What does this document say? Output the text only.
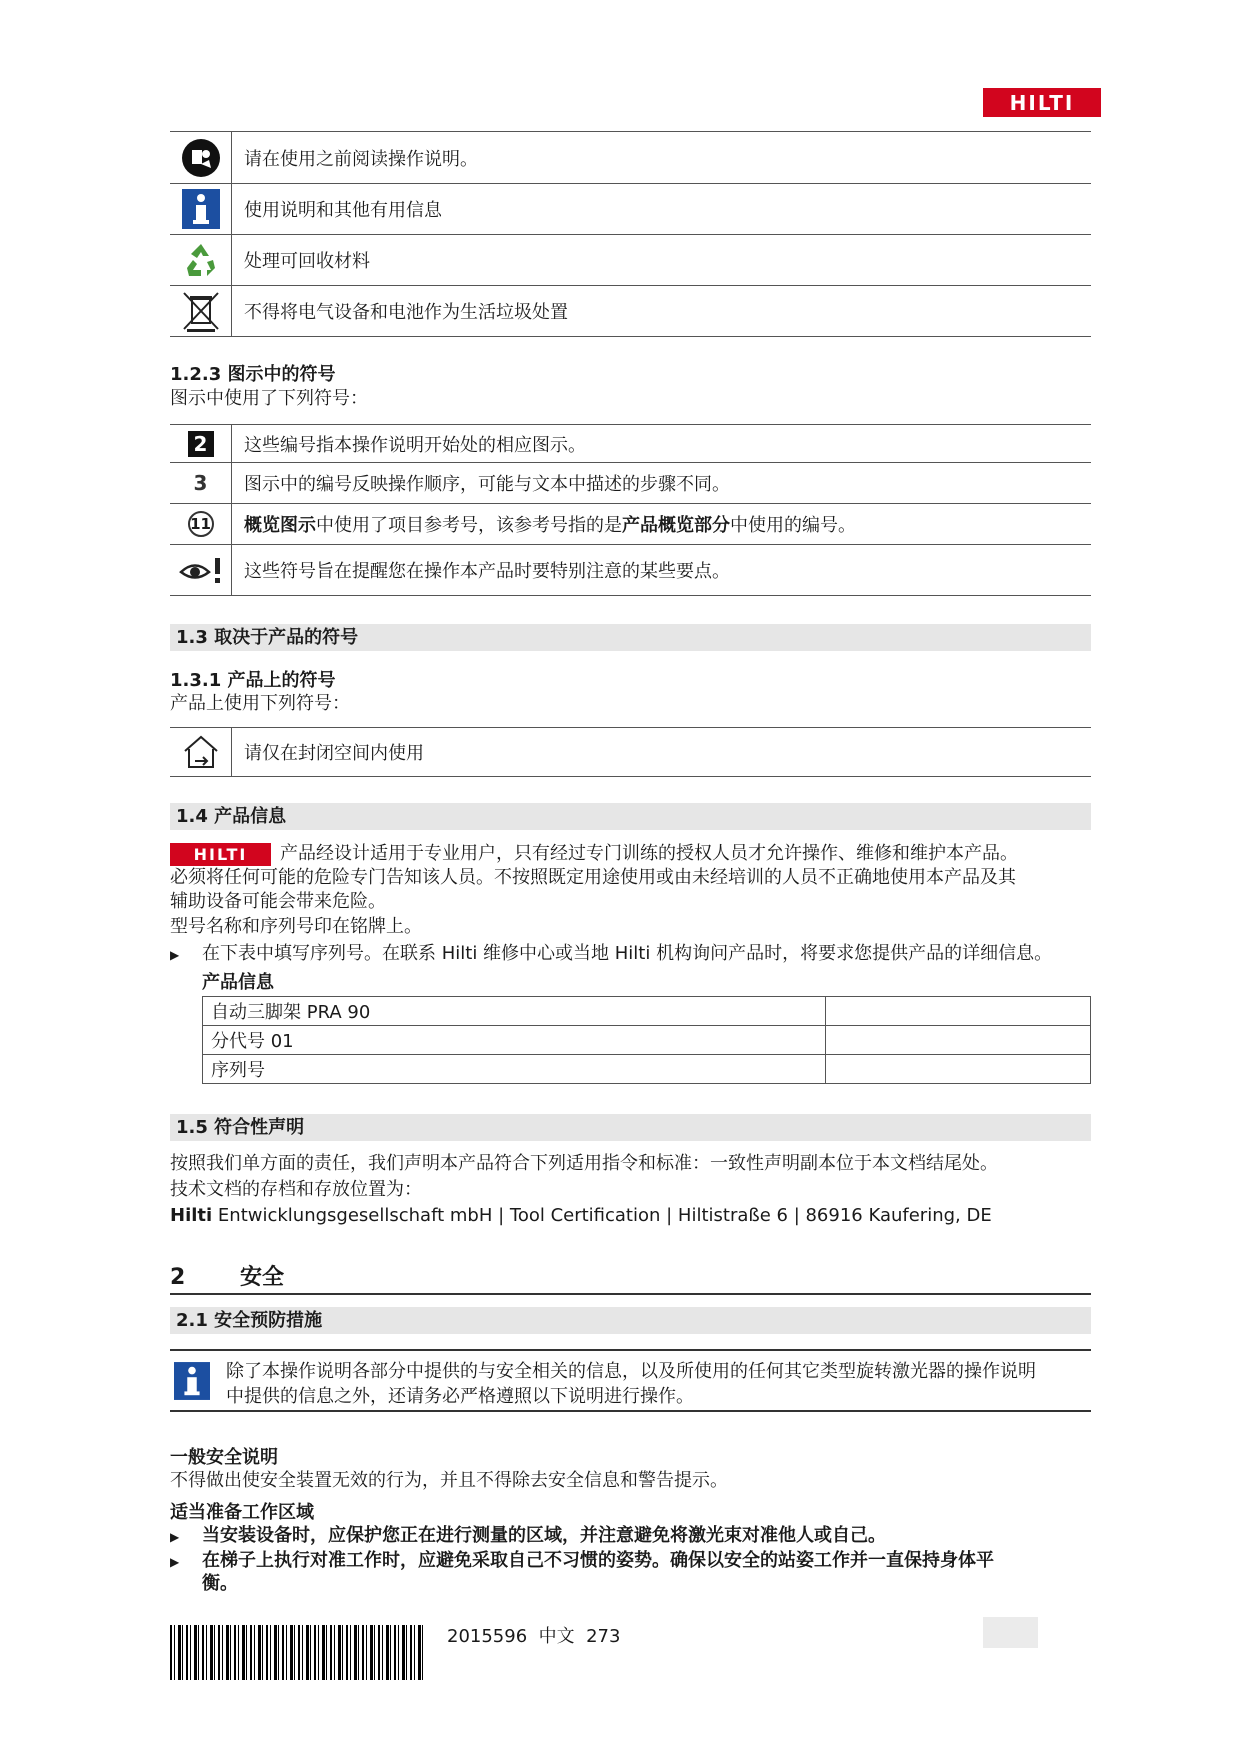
HILTI
请在使用之前阅读操作说明。
使用说明和其他有用信息
处理可回收材料
不得将电气设备和电池作为生活垃圾处置
1.2.3 图示中的符号
图示中使用了下列符号：
2	这些编号指本操作说明开始处的相应图示。
3	图示中的编号反映操作顺序，可能与文本中描述的步骤不同。
11	概览图示中使用了项目参考号，该参考号指的是产品概览部分中使用的编号。
这些符号旨在提醒您在操作本产品时要特别注意的某些要点。
1.3 取决于产品的符号
1.3.1 产品上的符号
产品上使用下列符号：
请仅在封闭空间内使用
1.4 产品信息
HILTI	产品经设计适用于专业用户，只有经过专门训练的授权人员才允许操作、维修和维护本产品。
必须将任何可能的危险专门告知该人员。不按照既定用途使用或由未经培训的人员不正确地使用本产品及其
辅助设备可能会带来危险。
型号名称和序列号印在铭牌上。
▶ 在下表中填写序列号。在联系 Hilti 维修中心或当地 Hilti 机构询问产品时，将要求您提供产品的详细信息。
产品信息
自动三脚架 PRA 90	
分代号 01	
序列号	
1.5 符合性声明
按照我们单方面的责任，我们声明本产品符合下列适用指令和标准：一致性声明副本位于本文档结尾处。
技术文档的存档和存放位置为：
Hilti Entwicklungsgesellschaft mbH | Tool Certification | Hiltistraße 6 | 86916 Kaufering, DE
2 安全
2.1 安全预防措施
除了本操作说明各部分中提供的与安全相关的信息，以及所使用的任何其它类型旋转激光器的操作说明
中提供的信息之外，还请务必严格遵照以下说明进行操作。
一般安全说明
不得做出使安全装置无效的行为，并且不得除去安全信息和警告提示。
适当准备工作区域
▶ 当安装设备时，应保护您正在进行测量的区域，并注意避免将激光束对准他人或自己。
▶ 在梯子上执行对准工作时，应避免采取自己不习惯的姿势。确保以安全的站姿工作并一直保持身体平
衡。
2015596 中文 273
